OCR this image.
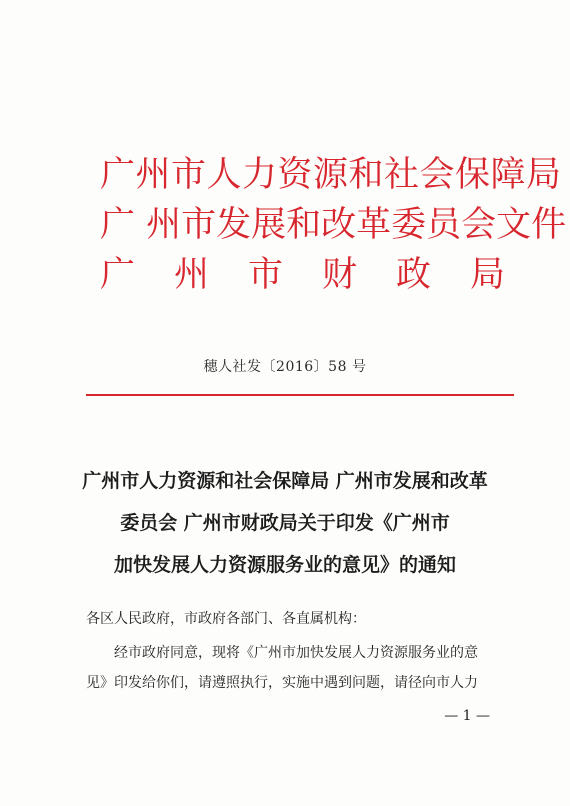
广州市人力资源和社会保障局
广 州市发展和改革委员会文件
广州市财政局
穗人社发〔2016〕58 号
广州市人力资源和社会保障局 广州市发展和改革
委员会 广州市财政局关于印发《广州市
加快发展人力资源服务业的意见》的通知
各区人民政府，市政府各部门、各直属机构：
经市政府同意，现将《广州市加快发展人力资源服务业的意
见》印发给你们，请遵照执行，实施中遇到问题，请径向市人力
— 1 —
